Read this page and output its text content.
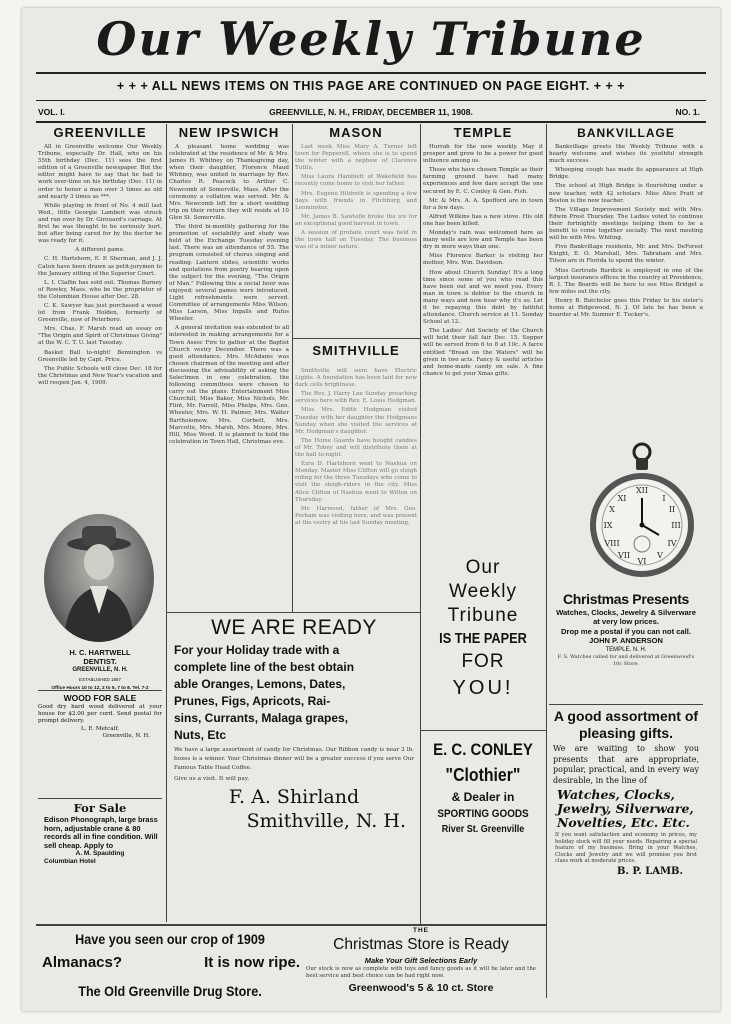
Our Weekly Tribune
+ + + ALL NEWS ITEMS ON THIS PAGE ARE CONTINUED ON PAGE EIGHT. + + +
VOL. I.	GREENVILLE, N. H., FRIDAY, DECEMBER 11, 1908.	NO. 1.
GREENVILLE
All in Greenville welcome Our Weekly Tribune, especially Dr. Hall, who on his 55th birthday (Dec. 11) sees the first edition of a Greenville newspaper. But the editor might have to say that he had to work over-time on his birthday (Dec. 11) in order to honor a man over 3 times as old and nearly 3 times as ***.
While playing in front of No. 4 mill last Wed., little Georgie Lambert was struck and run over by Dr. Girouard's carriage. At first he was thought to be seriously hurt, but after being cared for by the doctor he was ready for it.
A different game.
C. H. Hartshorn, E. P. Sherman, and J. J. Caton have been drawn as petit-jurymen to the January sitting of the Superior Court.
L. I. Claflin has sold out. Thomas Barney of Rowley, Mass. who be the proprietor of the Columbian House after Dec. 28.
C. K. Sawyer has just purchased a wood lot from Frank Holden, formerly of Greenville, now of Peterboro.
Mrs. Chas. F. Marsh read an essay on "The Origin and Spirit of Christmas Giving" at the W. C. T. U. last Tuesday.
Basket Ball to-night! Bennington vs Greenville led by Capt. Price.
The Public Schools will close Dec. 18 for the Christmas and New Year's vacation and will reopen Jan. 4, 1909.
H. C. HARTWELL
DENTIST.
GREENVILLE, N. H.
ESTABLISHED 1887
Office Hours 10 to 12, 2 to 5, 7 to 8. Tel. 7-2
WOOD FOR SALE
Good dry hard wood delivered at your house for $2.00 per cord. Send postal for prompt delivery.
L. E. Metcalf.
Greenville, N. H.
For Sale
Edison Phonograph, large brass horn, adjustable crane & 80 records all in fine condition. Will sell cheap. Apply to
A. M. Spaulding
Columbian Hotel
NEW IPSWICH
A pleasant home wedding was celebrated at the residence of Mr. & Mrs. James H. Whitney on Thanksgiving day, when their daughter, Florence Maud Whitney, was united in marriage by Rev. Charles R. Peacock to Arthur C. Newcomb of Somerville, Mass. After the ceremony a collation was served. Mr. & Mrs. Newcomb left for a short wedding trip on their return they will reside at 10 Glen St. Somerville.
The third bi-monthly gathering for the promotion of sociability and study was held at the Exchange Tuesday evening last. There was an attendance of 55. The program consisted of chorus singing and reading. Lantern slides, scientific works and quotations from poetry bearing upon the subject for the evening, "The Origin of Man." Following this a social hour was enjoyed; several games were introduced. Light refreshments were served. Committee of arrangements Miss Wilson, Miss Larson, Miss Ingalls and Rufus Wheeler.
A general invitation was extended to all interested in making arrangements for a Town Assoc Fire to gather at the Baptist Church vestry December. There was a good attendance. Mrs. McAdams was chosen chairman of the meeting and after discussing the advisability of asking the Selectmen in one celebration, the following committees were chosen to carry out the plans: Entertainment Miss Churchill, Miss Baker, Miss Nichols, Mr. Flint, Mr. Farrell, Miss Phelps, Mrs. Geo. Wheeler, Mrs. W. H. Palmer, Mrs. Walter Bartholomew, Mrs. Corbett, Mrs. Marcotte, Mrs. Marsh, Mrs. Moore, Mrs. Hill, Miss Wood. It is planned to hold the celebration in Town Hall, Christmas eve.
MASON
Last week Miss Mary A. Turner left town for Pepperell, where she is to spend the winter with a nephew of Clarence Tuttle.
Miss Laura Hamblett of Wakefield has recently come home to visit her father.
Mrs. Eugene Hildreth is spending a few days with friends in Fitchburg and Leominster.
Mr. James B. Sawtelle broke the ice for an exceptional good harvest in town.
A session of probate court was held in the town hall on Tuesday. The business was of a minor nature.
SMITHVILLE
Smithville will soon have Electric Lights. A foundation has been laid for new dark cells brightness.
The Rev. J. Harry Lee Sunday preaching services here with Rev. E. Louis Hodgman.
Miss Mrs. Edith Hodgman visited Tuesday with her daughter the Hodgmans Sunday when she visited the services at Mr. Hodgman's daughter.
The Home Guards have bought candies of Mr. Tobey and will distribute them at the hall to-night.
Ezra D. Hartshorn went to Nashua on Monday. Master Miss Clifton will go sleigh riding for the three Tuesdays who come to visit the sleigh-riders in the city. Miss Alice Clifton of Nashua went to Wilton on Thursday.
Mr. Harwood, father of Mrs. Geo. Perham was visiting here, and was present at the vestry at his last Sunday meeting.
TEMPLE
Hurrah for the new weekly. May it prosper and grow to be a power for good influence among us.
Those who have chosen Temple as their farming ground have had many experiences and few dare accept the one secured by E. C. Conley & Gen. Fish.
Mr. & Mrs. A. A. Spofford are in town for a few days.
Alfred Wilkins has a new stove. His old one has been killed.
Monday's rain was welcomed here as many wells are low and Temple has been dry in more ways than one.
Miss Florence Barker is visiting her mother, Mrs. Wm. Davidson.
How about Church Sunday! It's a long time since some of you who read this have been out and we need you. Every man in town is debtor to the church in many ways and now hear why it's so. Let it be repaying this debt by faithful attendance. Church service at 11. Sunday School at 12.
The Ladies' Aid Society of the Church will hold their fall fair Dec. 15. Supper will be served from 6 to 8 at 10c. A farce entitled "Bread on the Waters" will be given in two acts. Fancy & useful articles and home-made candy on sale. A fine chance to get your Xmas gifts.
BANKVILLAGE
Bankvillage greets the Weekly Tribune with a hearty welcome and wishes its youthful strength much success.
Whooping cough has made its appearance at High Bridge.
The school at High Bridge is flourishing under a new teacher, with 42 scholars. Miss Alice Pratt of Boston is the new teacher.
The Village Improvement Society met with Mrs. Edwin Prest Thursday. The Ladies voted to continue their fortnightly meetings helping them to be a benefit to come together socially. The next meeting will be with Mrs. Whiting.
Five Bankvillage residents, Mr. and Mrs. DeForest Knight, E. O. Marshall, Mrs. Tabraham and Mrs. Tilson are in Florida to spend the winter.
Miss Gertrude Burdick is employed in one of the largest insurance offices in the country at Providence, R. I. The Boards will be here to see Miss Bridget a few miles out the city.
Henry B. Batchelor goes this Friday to his sister's home at Ridgewood, N. J. Of late he has been a boarder at Mr. Sumner E. Tucker's.
XII
VI
III
IX
I
II
IV
V
VII
VIII
X
XI
Christmas Presents
Watches, Clocks, Jewelry & Silverware at very low prices.
Drop me a postal if you can not call.
JOHN P. ANDERSON
TEMPLE, N. H.
F. S. Watches called for and delivered at Greenwood's 10c Store.
A good assortment of pleasing gifts.
We are waiting to show you presents that are appropriate, popular, practical, and in every way desirable, in the line of
Watches, Clocks, Jewelry, Silverware, Novelties, Etc. Etc.
If you want satisfaction and economy in prices, my holiday stock will fill your needs. Repairing a special feature of my business. Bring in your Watches, Clocks and Jewelry and we will promise you first class work at moderate prices.
B. P. LAMB.
WE ARE READY
For your Holiday trade with a
complete line of the best obtain
able Oranges, Lemons, Dates,
Prunes, Figs, Apricots, Rai-
sins, Currants, Malaga grapes,
Nuts, Etc
We have a large assortment of candy for Christmas. Our Ribbon candy is near 2 lb. boxes is a winner. Your Christmas dinner will be a greater success if you serve Our Famous Table Head Coffee.
Give us a visit. It will pay.
F. A. Shirland
Smithville, N. H.
Our
Weekly
Tribune
IS THE PAPER
FOR
YOU!
E. C. CONLEY
"Clothier"
& Dealer in
SPORTING GOODS
River St. Greenville
Have you seen our crop of 1909
Almanacs?	It is now ripe.
The Old Greenville Drug Store.
THE
Christmas Store is Ready
Make Your Gift Selections Early
Our stock is now as complete with toys and fancy goods as it will be later and the best service and best choice can be had right now.
Greenwood's 5 & 10 ct. Store
